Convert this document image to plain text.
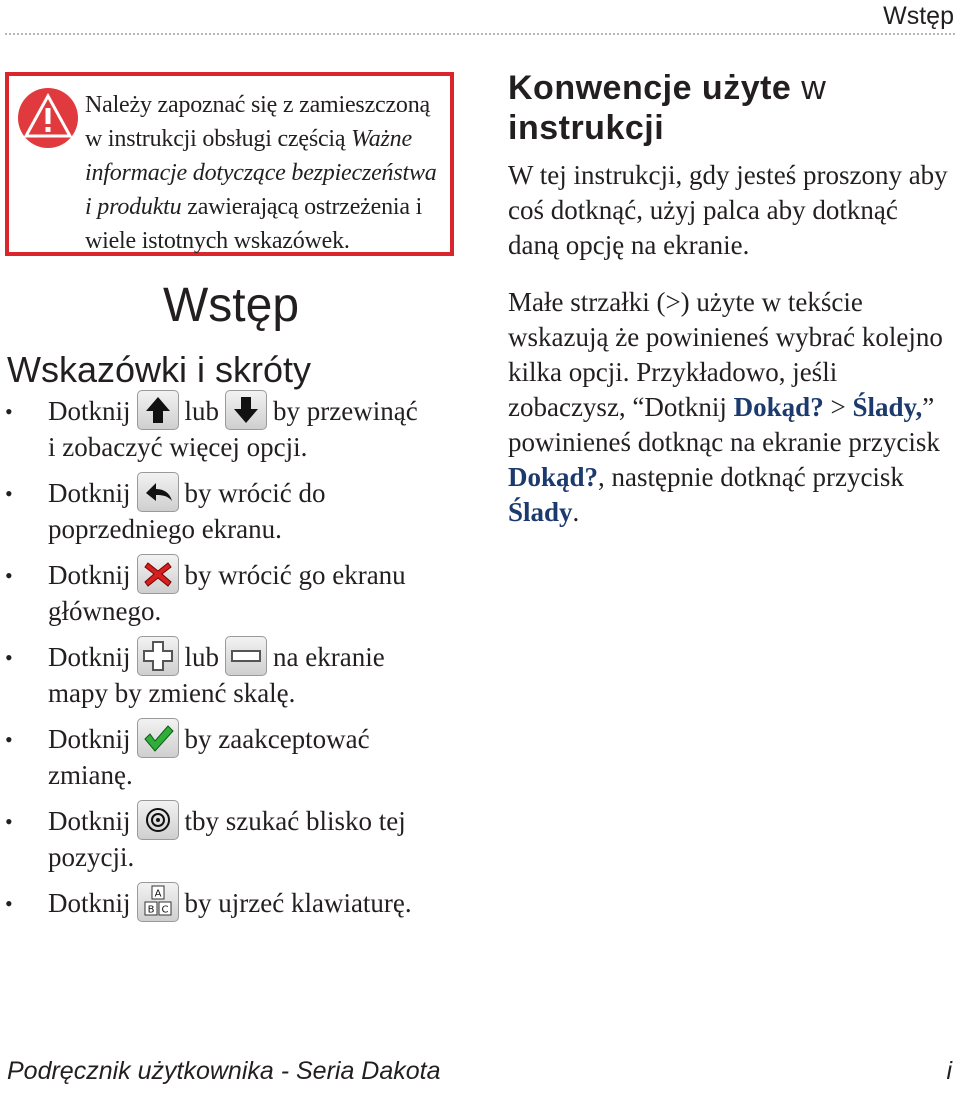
Wstęp
Należy zapoznać się z zamieszczoną w instrukcji obsługi częścią Ważne informacje dotyczące bezpieczeństwa i produktu zawierającą ostrzeżenia i wiele istotnych wskazówek.
Wstęp
Wskazówki i skróty
• Dotknij lub by przewinąć
i zobaczyć więcej opcji.
• Dotknij by wrócić do
poprzedniego ekranu.
• Dotknij by wrócić go ekranu
głównego.
• Dotknij lub na ekranie
mapy by zmienć skalę.
• Dotknij by zaakceptować
zmianę.
• Dotknij tby szukać blisko tej
pozycji.
• Dotknij A
B C by ujrzeć klawiaturę.
Konwencje użyte w
instrukcji
W tej instrukcji, gdy jesteś proszony aby coś dotknąć, użyj palca aby dotknąć daną opcję na ekranie.
Małe strzałki (>) użyte w tekście wskazują że powinieneś wybrać kolejno kilka opcji. Przykładowo, jeśli zobaczysz, “Dotknij Dokąd? > Ślady,” powinieneś dotknąc na ekranie przycisk Dokąd?, następnie dotknąć przycisk Ślady.
Podręcznik użytkownika - Seria Dakota	i
